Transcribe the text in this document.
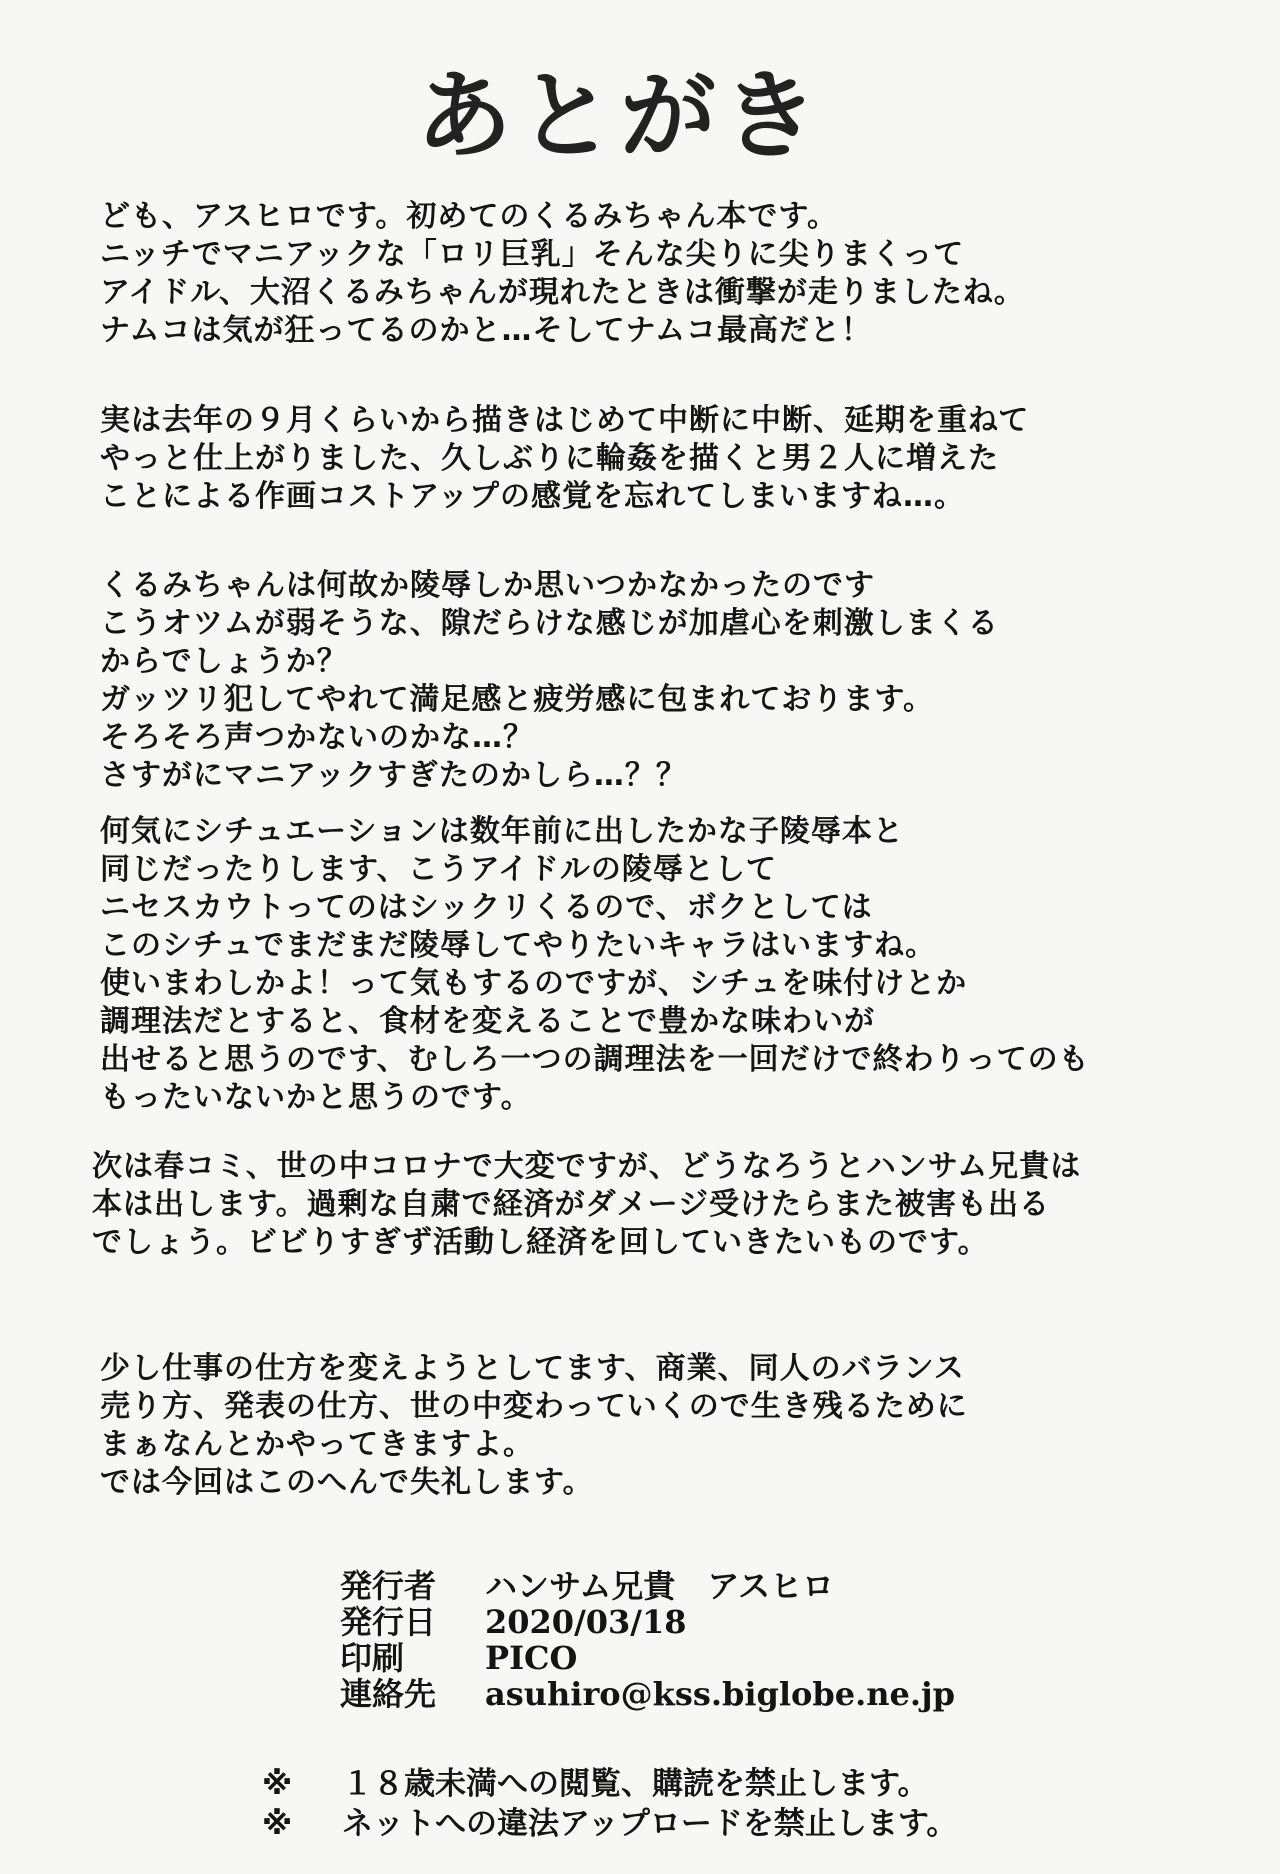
あとがき
ども、アスヒロです。初めてのくるみちゃん本です。
ニッチでマニアックな「ロリ巨乳」そんな尖りに尖りまくって
アイドル、大沼くるみちゃんが現れたときは衝撃が走りましたね。
ナムコは気が狂ってるのかと…そしてナムコ最高だと！
実は去年の９月くらいから描きはじめて中断に中断、延期を重ねて
やっと仕上がりました、久しぶりに輪姦を描くと男２人に増えた
ことによる作画コストアップの感覚を忘れてしまいますね…。
くるみちゃんは何故か陵辱しか思いつかなかったのです
こうオツムが弱そうな、隙だらけな感じが加虐心を刺激しまくる
からでしょうか？
ガッツリ犯してやれて満足感と疲労感に包まれております。
そろそろ声つかないのかな…？
さすがにマニアックすぎたのかしら…？？
何気にシチュエーションは数年前に出したかな子陵辱本と
同じだったりします、こうアイドルの陵辱として
ニセスカウトってのはシックリくるので、ボクとしては
このシチュでまだまだ陵辱してやりたいキャラはいますね。
使いまわしかよ！って気もするのですが、シチュを味付けとか
調理法だとすると、食材を変えることで豊かな味わいが
出せると思うのです、むしろ一つの調理法を一回だけで終わりってのも
もったいないかと思うのです。
次は春コミ、世の中コロナで大変ですが、どうなろうとハンサム兄貴は
本は出します。過剰な自粛で経済がダメージ受けたらまた被害も出る
でしょう。ビビりすぎず活動し経済を回していきたいものです。
少し仕事の仕方を変えようとしてます、商業、同人のバランス
売り方、発表の仕方、世の中変わっていくので生き残るために
まぁなんとかやってきますよ。
では今回はこのへんで失礼します。
発行者 ハンサム兄貴　アスヒロ
発行日 2020/03/18
印刷	PICO
連絡先 asuhiro@kss.biglobe.ne.jp
※ １８歳未満への閲覧、購読を禁止します。
※ ネットへの違法アップロードを禁止します。
